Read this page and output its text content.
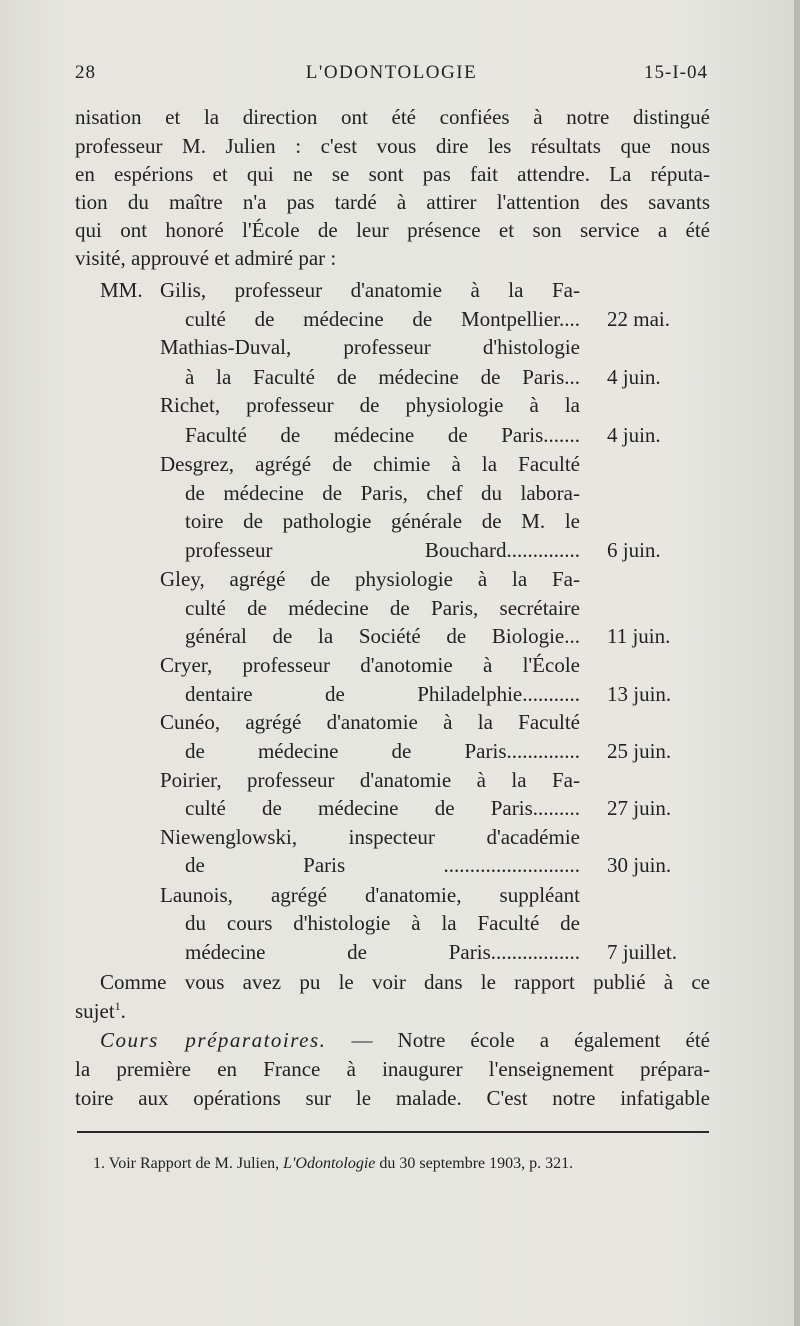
L'ODONTOLOGIE
28	15-I-04
nisation et la direction ont été confiées à notre distingué
professeur M. Julien : c'est vous dire les résultats que nous
en espérions et qui ne se sont pas fait attendre. La réputa-
tion du maître n'a pas tardé à attirer l'attention des savants
qui ont honoré l'École de leur présence et son service a été
visité, approuvé et admiré par :
MM. Gilis, professeur d'anatomie à la Fa-
culté de médecine de Montpellier.... 22 mai.
Mathias-Duval, professeur d'histologie
à la Faculté de médecine de Paris... 4 juin.
Richet, professeur de physiologie à la
Faculté de médecine de Paris....... 4 juin.
Desgrez, agrégé de chimie à la Faculté
de médecine de Paris, chef du labora-
toire de pathologie générale de M. le
professeur Bouchard.............. 6 juin.
Gley, agrégé de physiologie à la Fa-
culté de médecine de Paris, secrétaire
général de la Société de Biologie... 11 juin.
Cryer, professeur d'anotomie à l'École
dentaire de Philadelphie........... 13 juin.
Cunéo, agrégé d'anatomie à la Faculté
de médecine de Paris.............. 25 juin.
Poirier, professeur d'anatomie à la Fa-
culté de médecine de Paris......... 27 juin.
Niewenglowski, inspecteur d'académie
de Paris .......................... 30 juin.
Launois, agrégé d'anatomie, suppléant
du cours d'histologie à la Faculté de
médecine de Paris................. 7 juillet.
Comme vous avez pu le voir dans le rapport publié à ce
sujet$^1$.
Cours préparatoires. — Notre école a également été
la première en France à inaugurer l'enseignement prépara-
toire aux opérations sur le malade. C'est notre infatigable
1. Voir Rapport de M. Julien, L'Odontologie du 30 septembre 1903, p. 321.
